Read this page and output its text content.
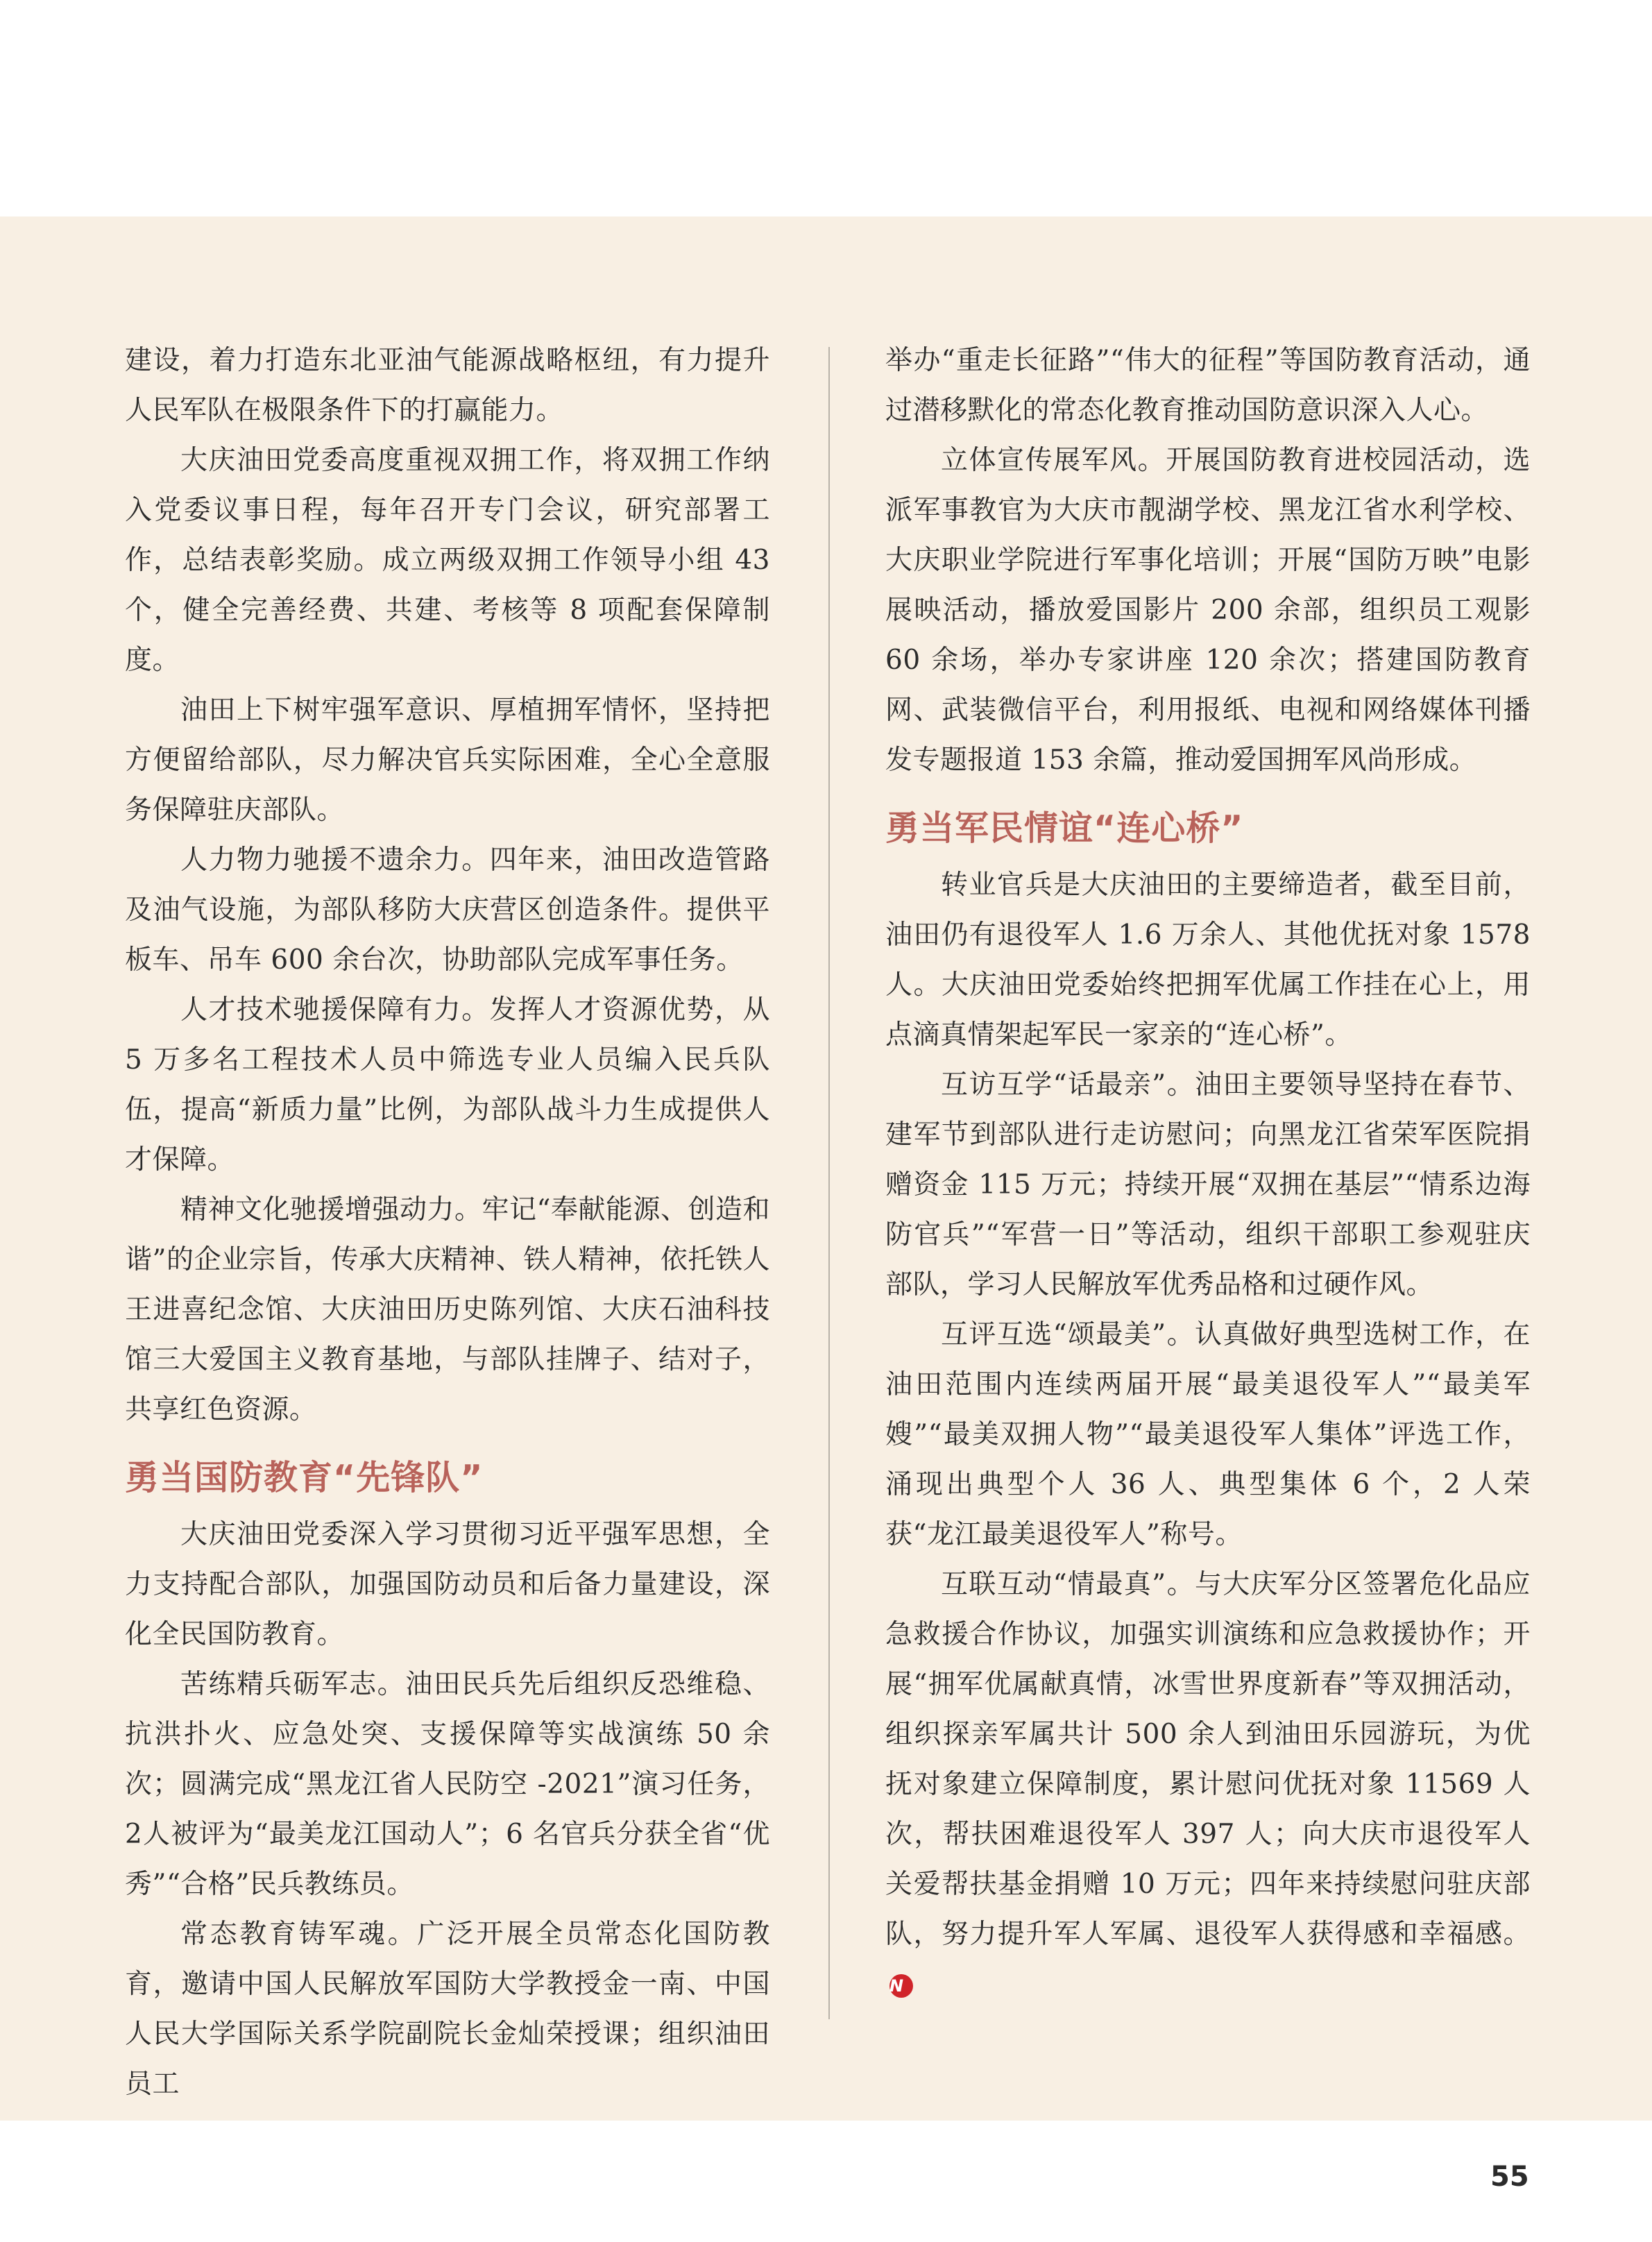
建设，着力打造东北亚油气能源战略枢纽，有力提升人民军队在极限条件下的打赢能力。

大庆油田党委高度重视双拥工作，将双拥工作纳入党委议事日程，每年召开专门会议，研究部署工作，总结表彰奖励。成立两级双拥工作领导小组 43 个，健全完善经费、共建、考核等 8 项配套保障制度。

油田上下树牢强军意识、厚植拥军情怀，坚持把方便留给部队，尽力解决官兵实际困难，全心全意服务保障驻庆部队。

人力物力驰援不遗余力。四年来，油田改造管路及油气设施，为部队移防大庆营区创造条件。提供平板车、吊车 600 余台次，协助部队完成军事任务。

人才技术驰援保障有力。发挥人才资源优势，从5 万多名工程技术人员中筛选专业人员编入民兵队伍，提高“新质力量”比例，为部队战斗力生成提供人才保障。

精神文化驰援增强动力。牢记“奉献能源、创造和谐”的企业宗旨，传承大庆精神、铁人精神，依托铁人王进喜纪念馆、大庆油田历史陈列馆、大庆石油科技馆三大爱国主义教育基地，与部队挂牌子、结对子，共享红色资源。

勇当国防教育“先锋队”

大庆油田党委深入学习贯彻习近平强军思想，全力支持配合部队，加强国防动员和后备力量建设，深化全民国防教育。

苦练精兵砺军志。油田民兵先后组织反恐维稳、抗洪扑火、应急处突、支援保障等实战演练 50 余次；圆满完成“黑龙江省人民防空 -2021”演习任务，2人被评为“最美龙江国动人”；6 名官兵分获全省“优秀”“合格”民兵教练员。

常态教育铸军魂。广泛开展全员常态化国防教育，邀请中国人民解放军国防大学教授金一南、中国人民大学国际关系学院副院长金灿荣授课；组织油田员工

举办“重走长征路”“伟大的征程”等国防教育活动，通过潜移默化的常态化教育推动国防意识深入人心。

立体宣传展军风。开展国防教育进校园活动，选派军事教官为大庆市靓湖学校、黑龙江省水利学校、大庆职业学院进行军事化培训；开展“国防万映”电影展映活动，播放爱国影片 200 余部，组织员工观影 60 余场，举办专家讲座 120 余次；搭建国防教育网、武装微信平台，利用报纸、电视和网络媒体刊播发专题报道 153 余篇，推动爱国拥军风尚形成。

勇当军民情谊“连心桥”

转业官兵是大庆油田的主要缔造者，截至目前，油田仍有退役军人 1.6 万余人、其他优抚对象 1578 人。大庆油田党委始终把拥军优属工作挂在心上，用点滴真情架起军民一家亲的“连心桥”。

互访互学“话最亲”。油田主要领导坚持在春节、建军节到部队进行走访慰问；向黑龙江省荣军医院捐赠资金 115 万元；持续开展“双拥在基层”“情系边海防官兵”“军营一日”等活动，组织干部职工参观驻庆部队，学习人民解放军优秀品格和过硬作风。

互评互选“颂最美”。认真做好典型选树工作，在油田范围内连续两届开展“最美退役军人”“最美军嫂”“最美双拥人物”“最美退役军人集体”评选工作，涌现出典型个人 36 人、典型集体 6 个，2 人荣获“龙江最美退役军人”称号。

互联互动“情最真”。与大庆军分区签署危化品应急救援合作协议，加强实训演练和应急救援协作；开展“拥军优属献真情，冰雪世界度新春”等双拥活动，组织探亲军属共计 500 余人到油田乐园游玩，为优抚对象建立保障制度，累计慰问优抚对象 11569 人次，帮扶困难退役军人 397 人；向大庆市退役军人关爱帮扶基金捐赠 10 万元；四年来持续慰问驻庆部队，努力提升军人军属、退役军人获得感和幸福感。N

55
